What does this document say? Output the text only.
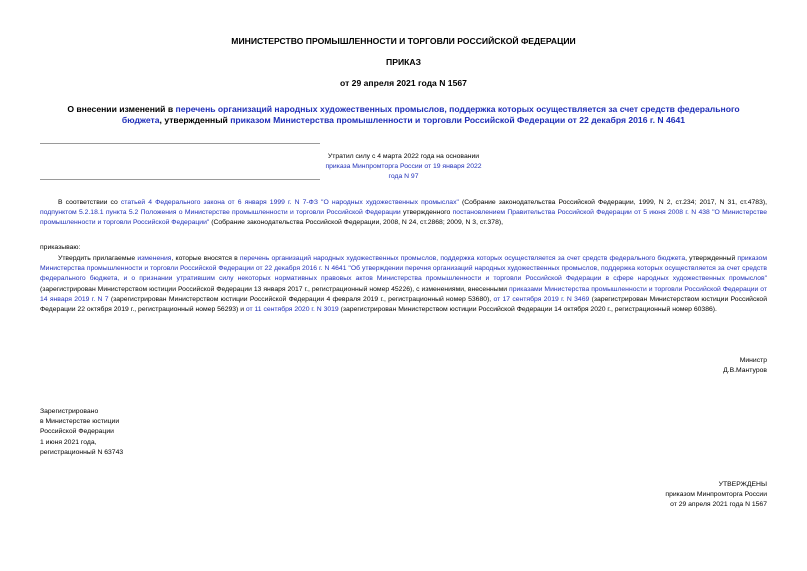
МИНИСТЕРСТВО ПРОМЫШЛЕННОСТИ И ТОРГОВЛИ РОССИЙСКОЙ ФЕДЕРАЦИИ
ПРИКАЗ
от 29 апреля 2021 года N 1567
О внесении изменений в перечень организаций народных художественных промыслов, поддержка которых осуществляется за счет средств федерального бюджета, утвержденный приказом Министерства промышленности и торговли Российской Федерации от 22 декабря 2016 г. N 4641
Утратил силу с 4 марта 2022 года на основании
приказа Минпромторга России от 19 января 2022 года N 97

В соответствии со статьей 4 Федерального закона от 6 января 1999 г. N 7-ФЗ "О народных художественных промыслах" (Собрание законодательства Российской Федерации, 1999, N 2, ст.234; 2017, N 31, ст.4783), подпунктом 5.2.18.1 пункта 5.2 Положения о Министерстве промышленности и торговли Российской Федерации утвержденного постановлением Правительства Российской Федерации от 5 июня 2008 г. N 438 "О Министерстве промышленности и торговли Российской Федерации" (Собрание законодательства Российской Федерации, 2008, N 24, ст.2868; 2009, N 3, ст.378),

приказываю:

Утвердить прилагаемые изменения, которые вносятся в перечень организаций народных художественных промыслов, поддержка которых осуществляется за счет средств федерального бюджета, утвержденный приказом Министерства промышленности и торговли Российской Федерации от 22 декабря 2016 г. N 4641 "Об утверждении перечня организаций народных художественных промыслов, поддержка которых осуществляется за счет средств федерального бюджета, и о признании утратившим силу некоторых нормативных правовых актов Министерства промышленности и торговли Российской Федерации в сфере народных художественных промыслов" (зарегистрирован Министерством юстиции Российской Федерации 13 января 2017 г., регистрационный номер 45226), с изменениями, внесенными приказами Министерства промышленности и торговли Российской Федерации от 14 января 2019 г. N 7 (зарегистрирован Министерством юстиции Российской Федерации 4 февраля 2019 г., регистрационный номер 53680), от 17 сентября 2019 г. N 3469 (зарегистрирован Министерством юстиции Российской Федерации 22 октября 2019 г., регистрационный номер 56293) и от 11 сентября 2020 г. N 3019 (зарегистрирован Министерством юстиции Российской Федерации 14 октября 2020 г., регистрационный номер 60386).

Министр
Д.В.Мантуров
Зарегистрировано
в Министерстве юстиции
Российской Федерации
1 июня 2021 года,
регистрационный N 63743
УТВЕРЖДЕНЫ
приказом Минпромторга России
от 29 апреля 2021 года N 1567
